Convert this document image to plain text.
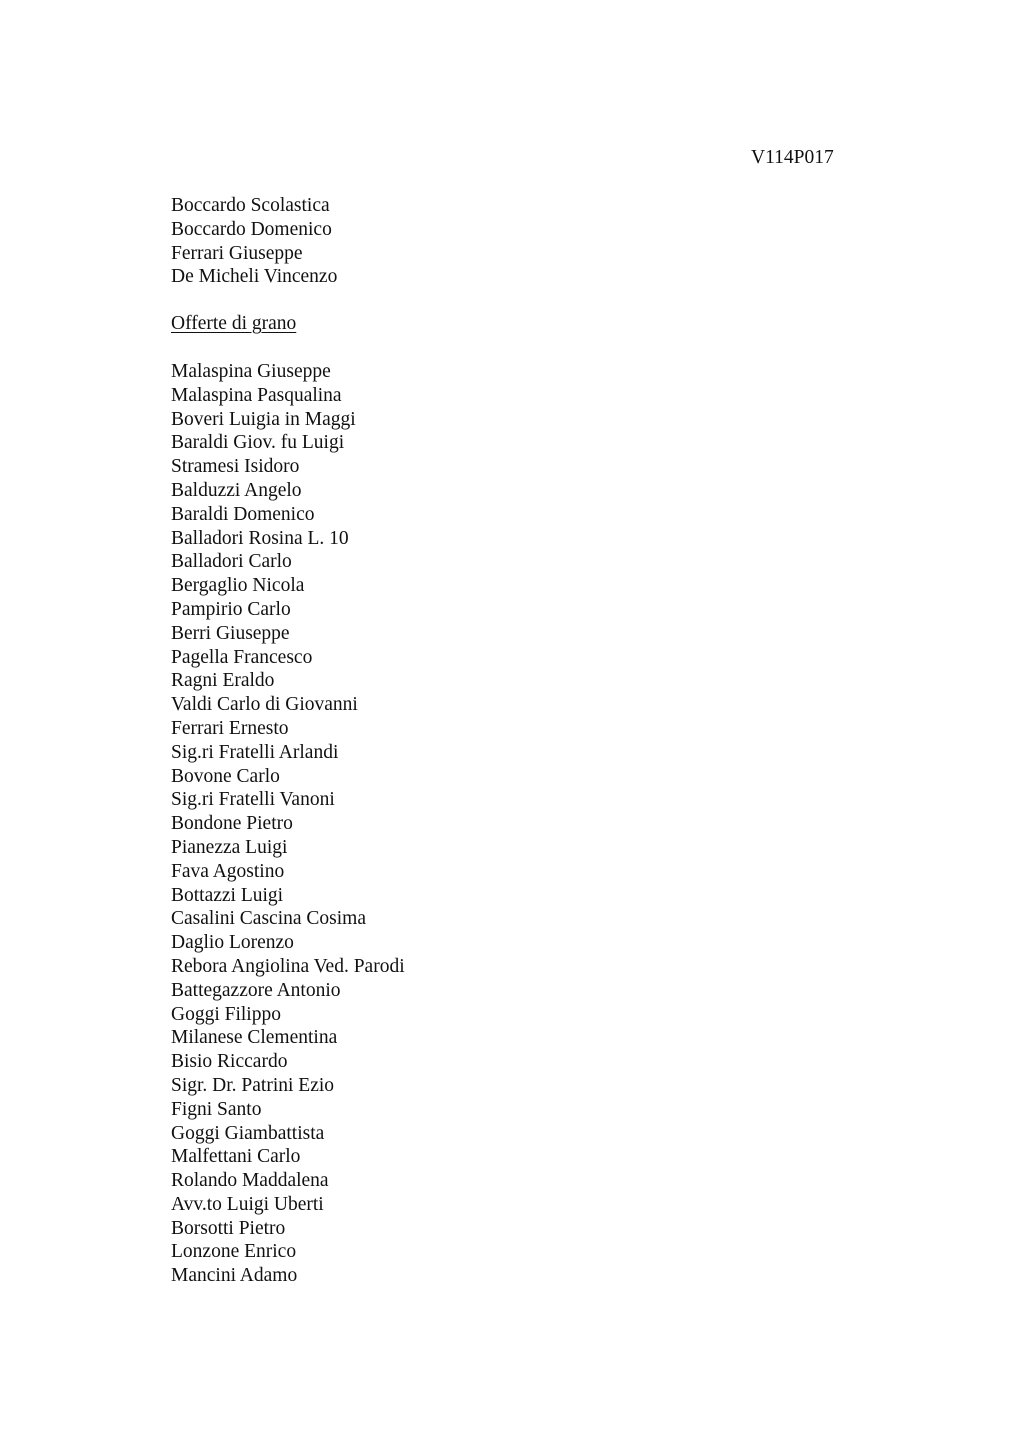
V114P017
Boccardo Scolastica
Boccardo Domenico
Ferrari Giuseppe
De Micheli Vincenzo
Offerte di grano
Malaspina Giuseppe
Malaspina Pasqualina
Boveri Luigia in Maggi
Baraldi Giov. fu Luigi
Stramesi Isidoro
Balduzzi Angelo
Baraldi Domenico
Balladori Rosina L. 10
Balladori Carlo
Bergaglio Nicola
Pampirio Carlo
Berri Giuseppe
Pagella Francesco
Ragni Eraldo
Valdi Carlo di Giovanni
Ferrari Ernesto
Sig.ri Fratelli Arlandi
Bovone Carlo
Sig.ri Fratelli Vanoni
Bondone Pietro
Pianezza Luigi
Fava Agostino
Bottazzi Luigi
Casalini Cascina Cosima
Daglio Lorenzo
Rebora Angiolina Ved. Parodi
Battegazzore Antonio
Goggi Filippo
Milanese Clementina
Bisio Riccardo
Sigr. Dr. Patrini Ezio
Figni Santo
Goggi Giambattista
Malfettani Carlo
Rolando Maddalena
Avv.to Luigi Uberti
Borsotti Pietro
Lonzone Enrico
Mancini Adamo
